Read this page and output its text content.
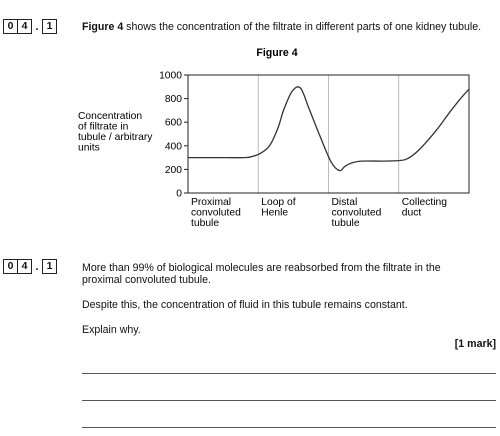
0 4 . 1	Figure 4 shows the concentration of the filtrate in different parts of one kidney tubule.
Figure 4
Concentration
of filtrate in
tubule / arbitrary
units
0
200
400
600
800
1000
Proximal
convoluted
tubule
Loop of
Henle
Distal
convoluted
tubule
Collecting
duct
0 4 . 1	More than 99% of biological molecules are reabsorbed from the filtrate in the
proximal convoluted tubule.
Despite this, the concentration of fluid in this tubule remains constant.
Explain why.
[1 mark]
